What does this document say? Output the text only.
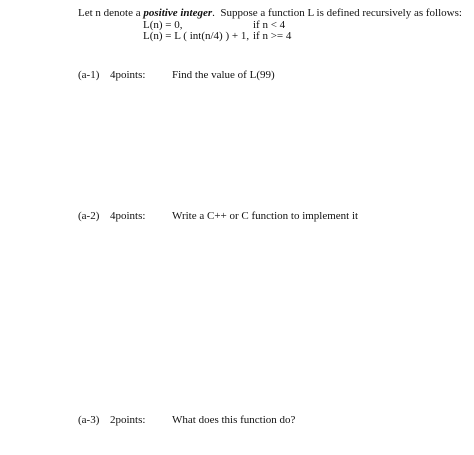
Let n denote a positive integer.  Suppose a function L is defined recursively as follows:
L(n) = 0,	if n < 4
L(n) = L ( int(n/4) ) + 1, if n >= 4
(a-1) 4points: Find the value of L(99)
(a-2) 4points: Write a C++ or C function to implement it
(a-3) 2points: What does this function do?
